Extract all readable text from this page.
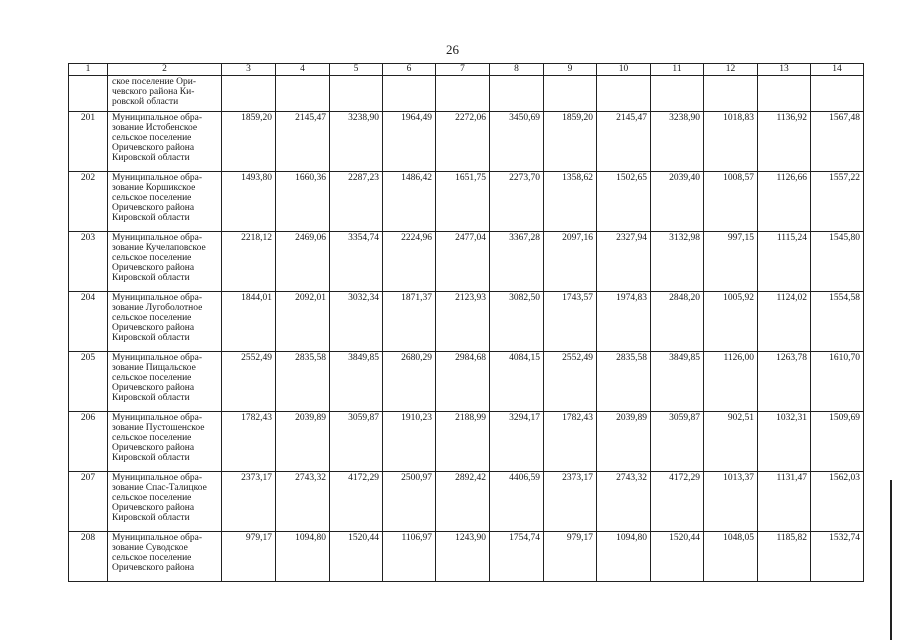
26
1	2	3	4	5	6	7	8	9	10	11	12	13	14

	ское поселение Ори-
чевского района Ки-
ровской области												

201	Муниципальное обра-
зование Истобенское
сельское поселение
Оричевского района
Кировской области	1859,20	2145,47	3238,90	1964,49	2272,06	3450,69	1859,20	2145,47	3238,90	1018,83	1136,92	1567,48
202	Муниципальное обра-
зование Коршикское
сельское поселение
Оричевского района
Кировской области	1493,80	1660,36	2287,23	1486,42	1651,75	2273,70	1358,62	1502,65	2039,40	1008,57	1126,66	1557,22
203	Муниципальное обра-
зование Кучелаповское
сельское поселение
Оричевского района
Кировской области	2218,12	2469,06	3354,74	2224,96	2477,04	3367,28	2097,16	2327,94	3132,98	997,15	1115,24	1545,80
204	Муниципальное обра-
зование Лугоболотное
сельское поселение
Оричевского района
Кировской области	1844,01	2092,01	3032,34	1871,37	2123,93	3082,50	1743,57	1974,83	2848,20	1005,92	1124,02	1554,58
205	Муниципальное обра-
зование Пищальское
сельское поселение
Оричевского района
Кировской области	2552,49	2835,58	3849,85	2680,29	2984,68	4084,15	2552,49	2835,58	3849,85	1126,00	1263,78	1610,70
206	Муниципальное обра-
зование Пустошенское
сельское поселение
Оричевского района
Кировской области	1782,43	2039,89	3059,87	1910,23	2188,99	3294,17	1782,43	2039,89	3059,87	902,51	1032,31	1509,69
207	Муниципальное обра-
зование Спас-Талицкое
сельское поселение
Оричевского района
Кировской области	2373,17	2743,32	4172,29	2500,97	2892,42	4406,59	2373,17	2743,32	4172,29	1013,37	1131,47	1562,03
208	Муниципальное обра-
зование Суводское
сельское поселение
Оричевского района	979,17	1094,80	1520,44	1106,97	1243,90	1754,74	979,17	1094,80	1520,44	1048,05	1185,82	1532,74
